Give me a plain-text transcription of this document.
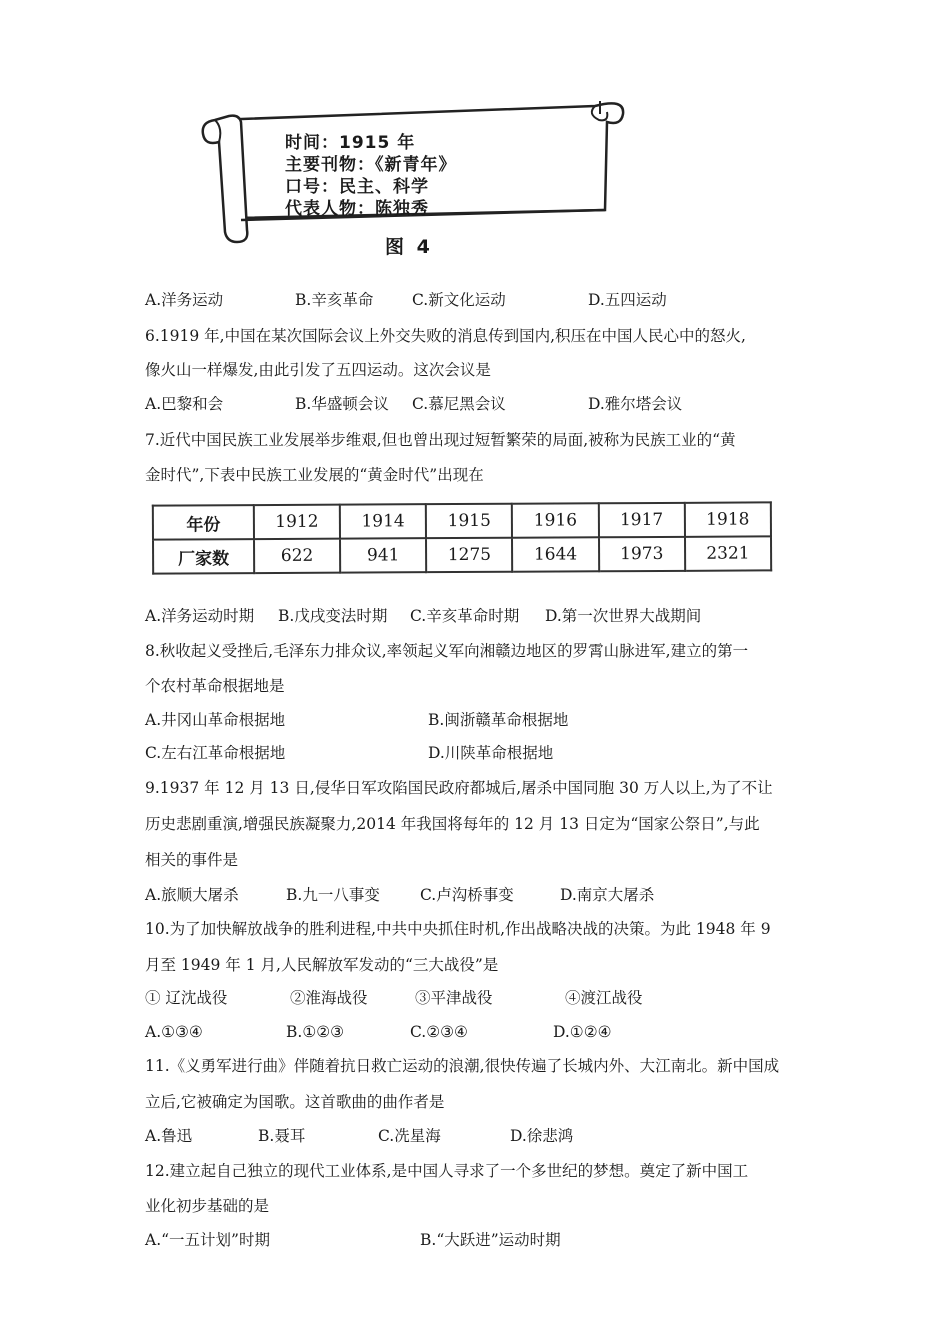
时间：1915 年
主要刊物：《新青年》
口号：民主、科学
代表人物：陈独秀
图 4
A.洋务运动	B.辛亥革命 C.新文化运动	D.五四运动
6.1919 年,中国在某次国际会议上外交失败的消息传到国内,积压在中国人民心中的怒火,
像火山一样爆发,由此引发了五四运动。这次会议是
A.巴黎和会	B.华盛顿会议 C.慕尼黑会议	D.雅尔塔会议
7.近代中国民族工业发展举步维艰,但也曾出现过短暂繁荣的局面,被称为民族工业的“黄
金时代”,下表中民族工业发展的“黄金时代”出现在
年份	1912	1914	1915	1916	1917	1918
厂家数	622	941	1275	1644	1973	2321
A.洋务运动时期 B.戊戌变法时期 C.辛亥革命时期 D.第一次世界大战期间
8.秋收起义受挫后,毛泽东力排众议,率领起义军向湘赣边地区的罗霄山脉进军,建立的第一
个农村革命根据地是
A.井冈山革命根据地	B.闽浙赣革命根据地
C.左右江革命根据地	D.川陕革命根据地
9.1937 年 12 月 13 日,侵华日军攻陷国民政府都城后,屠杀中国同胞 30 万人以上,为了不让
历史悲剧重演,增强民族凝聚力,2014 年我国将每年的 12 月 13 日定为“国家公祭日”,与此
相关的事件是
A.旅顺大屠杀	B.九一八事变	C.卢沟桥事变	D.南京大屠杀
10.为了加快解放战争的胜利进程,中共中央抓住时机,作出战略决战的决策。为此 1948 年 9
月至 1949 年 1 月,人民解放军发动的“三大战役”是
① 辽沈战役	②淮海战役	③平津战役	④渡江战役
A.①③④	B.①②③	C.②③④	D.①②④
11.《义勇军进行曲》伴随着抗日救亡运动的浪潮,很快传遍了长城内外、大江南北。新中国成
立后,它被确定为国歌。这首歌曲的曲作者是
A.鲁迅	B.聂耳	C.冼星海	D.徐悲鸿
12.建立起自己独立的现代工业体系,是中国人寻求了一个多世纪的梦想。奠定了新中国工
业化初步基础的是
A.“一五计划”时期	B.“大跃进”运动时期
